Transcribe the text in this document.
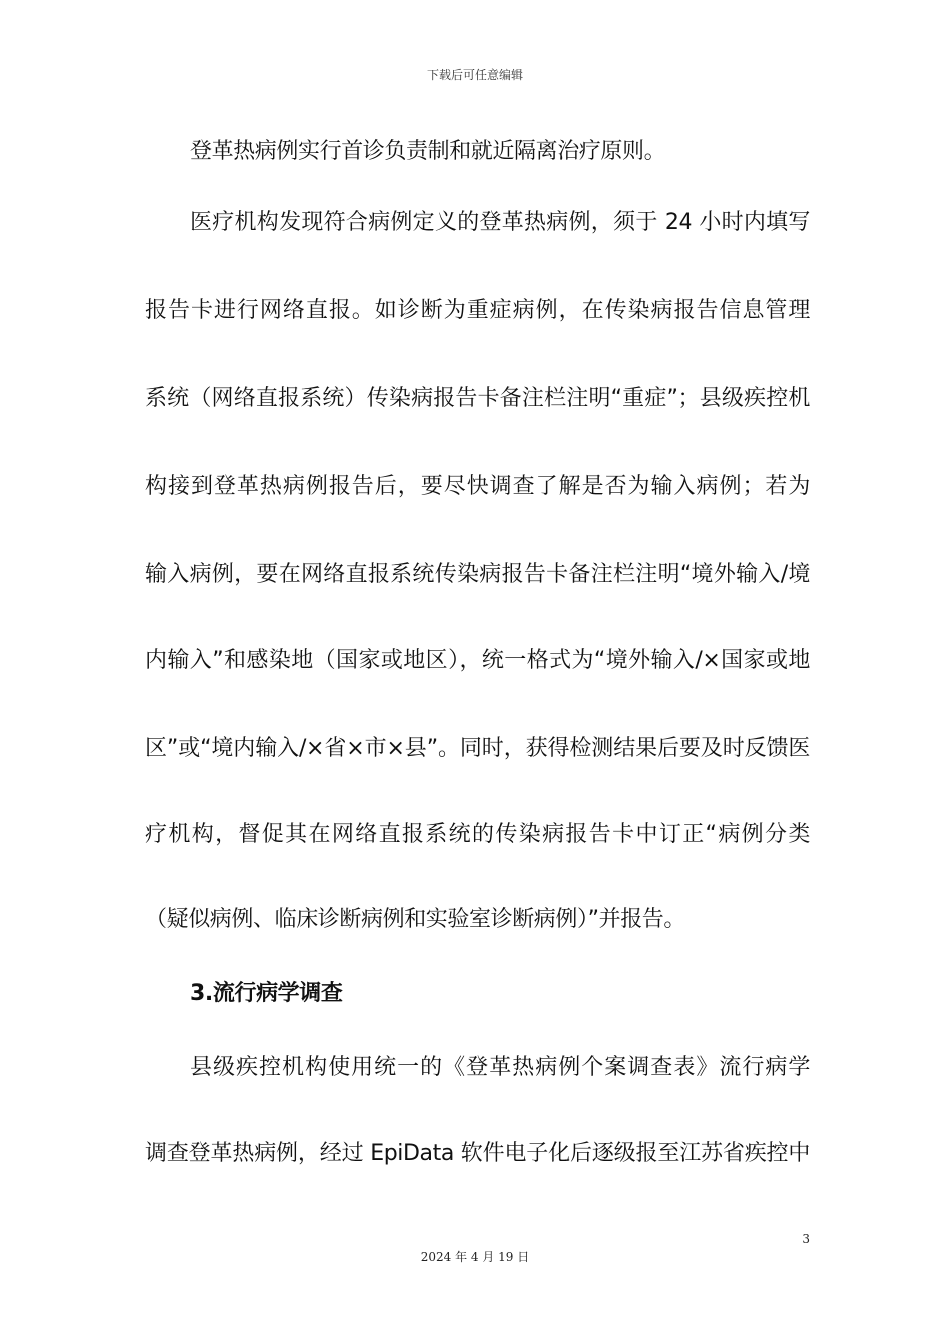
下载后可任意编辑
登革热病例实行首诊负责制和就近隔离治疗原则。
医疗机构发现符合病例定义的登革热病例，须于 24 小时内填写
报告卡进行网络直报。如诊断为重症病例，在传染病报告信息管理
系统（网络直报系统）传染病报告卡备注栏注明“重症”；县级疾控机
构接到登革热病例报告后，要尽快调查了解是否为输入病例；若为
输入病例，要在网络直报系统传染病报告卡备注栏注明“境外输入/境
内输入”和感染地（国家或地区），统一格式为“境外输入/×国家或地
区”或“境内输入/×省×市×县”。同时，获得检测结果后要及时反馈医
疗机构，督促其在网络直报系统的传染病报告卡中订正“病例分类
（疑似病例、临床诊断病例和实验室诊断病例）”并报告。
3.流行病学调查
县级疾控机构使用统一的《登革热病例个案调查表》流行病学
调查登革热病例，经过 EpiData 软件电子化后逐级报至江苏省疾控中
3
2024 年 4 月 19 日
